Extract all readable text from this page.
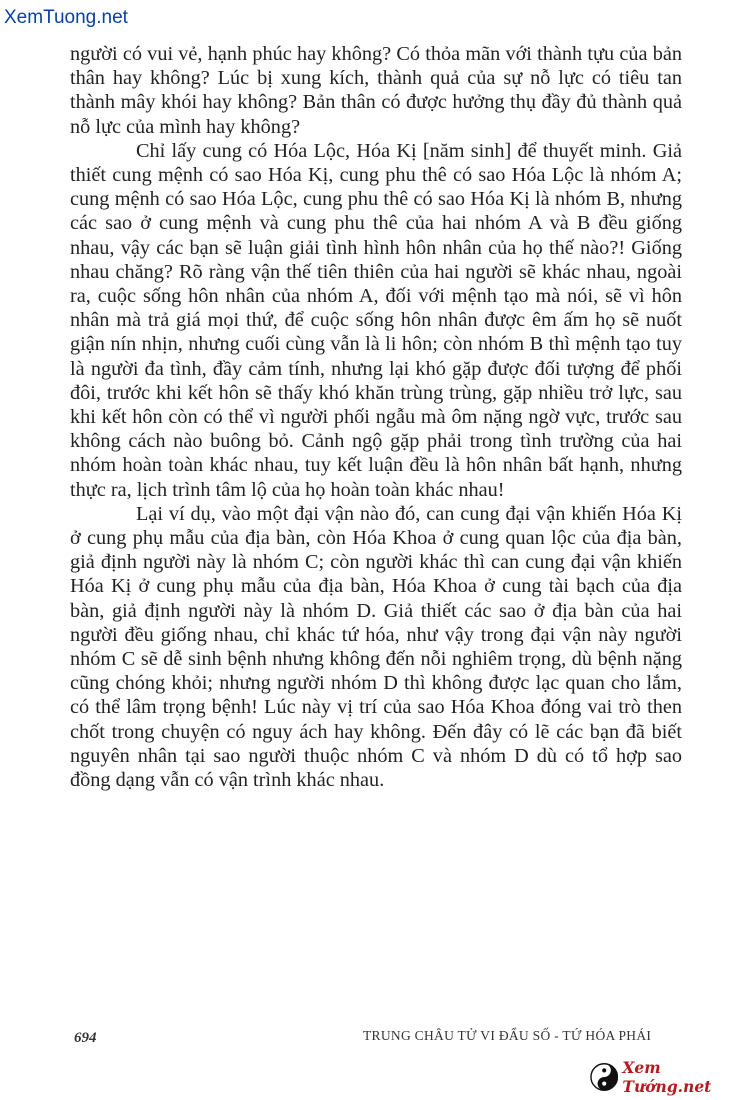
XemTuong.net

người có vui vẻ, hạnh phúc hay không? Có thỏa mãn với thành tựu của bản thân hay không? Lúc bị xung kích, thành quả của sự nỗ lực có tiêu tan thành mây khói hay không? Bản thân có được hưởng thụ đầy đủ thành quả nỗ lực của mình hay không?

Chỉ lấy cung có Hóa Lộc, Hóa Kị [năm sinh] để thuyết minh. Giả thiết cung mệnh có sao Hóa Kị, cung phu thê có sao Hóa Lộc là nhóm A; cung mệnh có sao Hóa Lộc, cung phu thê có sao Hóa Kị là nhóm B, nhưng các sao ở cung mệnh và cung phu thê của hai nhóm A và B đều giống nhau, vậy các bạn sẽ luận giải tình hình hôn nhân của họ thế nào?! Giống nhau chăng? Rõ ràng vận thế tiên thiên của hai người sẽ khác nhau, ngoài ra, cuộc sống hôn nhân của nhóm A, đối với mệnh tạo mà nói, sẽ vì hôn nhân mà trả giá mọi thứ, để cuộc sống hôn nhân được êm ấm họ sẽ nuốt giận nín nhịn, nhưng cuối cùng vẫn là li hôn; còn nhóm B thì mệnh tạo tuy là người đa tình, đầy cảm tính, nhưng lại khó gặp được đối tượng để phối đôi, trước khi kết hôn sẽ thấy khó khăn trùng trùng, gặp nhiều trở lực, sau khi kết hôn còn có thể vì người phối ngẫu mà ôm nặng ngờ vực, trước sau không cách nào buông bỏ. Cảnh ngộ gặp phải trong tình trường của hai nhóm hoàn toàn khác nhau, tuy kết luận đều là hôn nhân bất hạnh, nhưng thực ra, lịch trình tâm lộ của họ hoàn toàn khác nhau!

Lại ví dụ, vào một đại vận nào đó, can cung đại vận khiến Hóa Kị ở cung phụ mẫu của địa bàn, còn Hóa Khoa ở cung quan lộc của địa bàn, giả định người này là nhóm C; còn người khác thì can cung đại vận khiến Hóa Kị ở cung phụ mẫu của địa bàn, Hóa Khoa ở cung tài bạch của địa bàn, giả định người này là nhóm D. Giả thiết các sao ở địa bàn của hai người đều giống nhau, chỉ khác tứ hóa, như vậy trong đại vận này người nhóm C sẽ dễ sinh bệnh nhưng không đến nỗi nghiêm trọng, dù bệnh nặng cũng chóng khỏi; nhưng người nhóm D thì không được lạc quan cho lắm, có thể lâm trọng bệnh! Lúc này vị trí của sao Hóa Khoa đóng vai trò then chốt trong chuyện có nguy ách hay không. Đến đây có lẽ các bạn đã biết nguyên nhân tại sao người thuộc nhóm C và nhóm D dù có tổ hợp sao đồng dạng vẫn có vận trình khác nhau.

694	TRUNG CHÂU TỬ VI ĐẨU SỐ - TỨ HÓA PHÁI
Xem Tướng.net
